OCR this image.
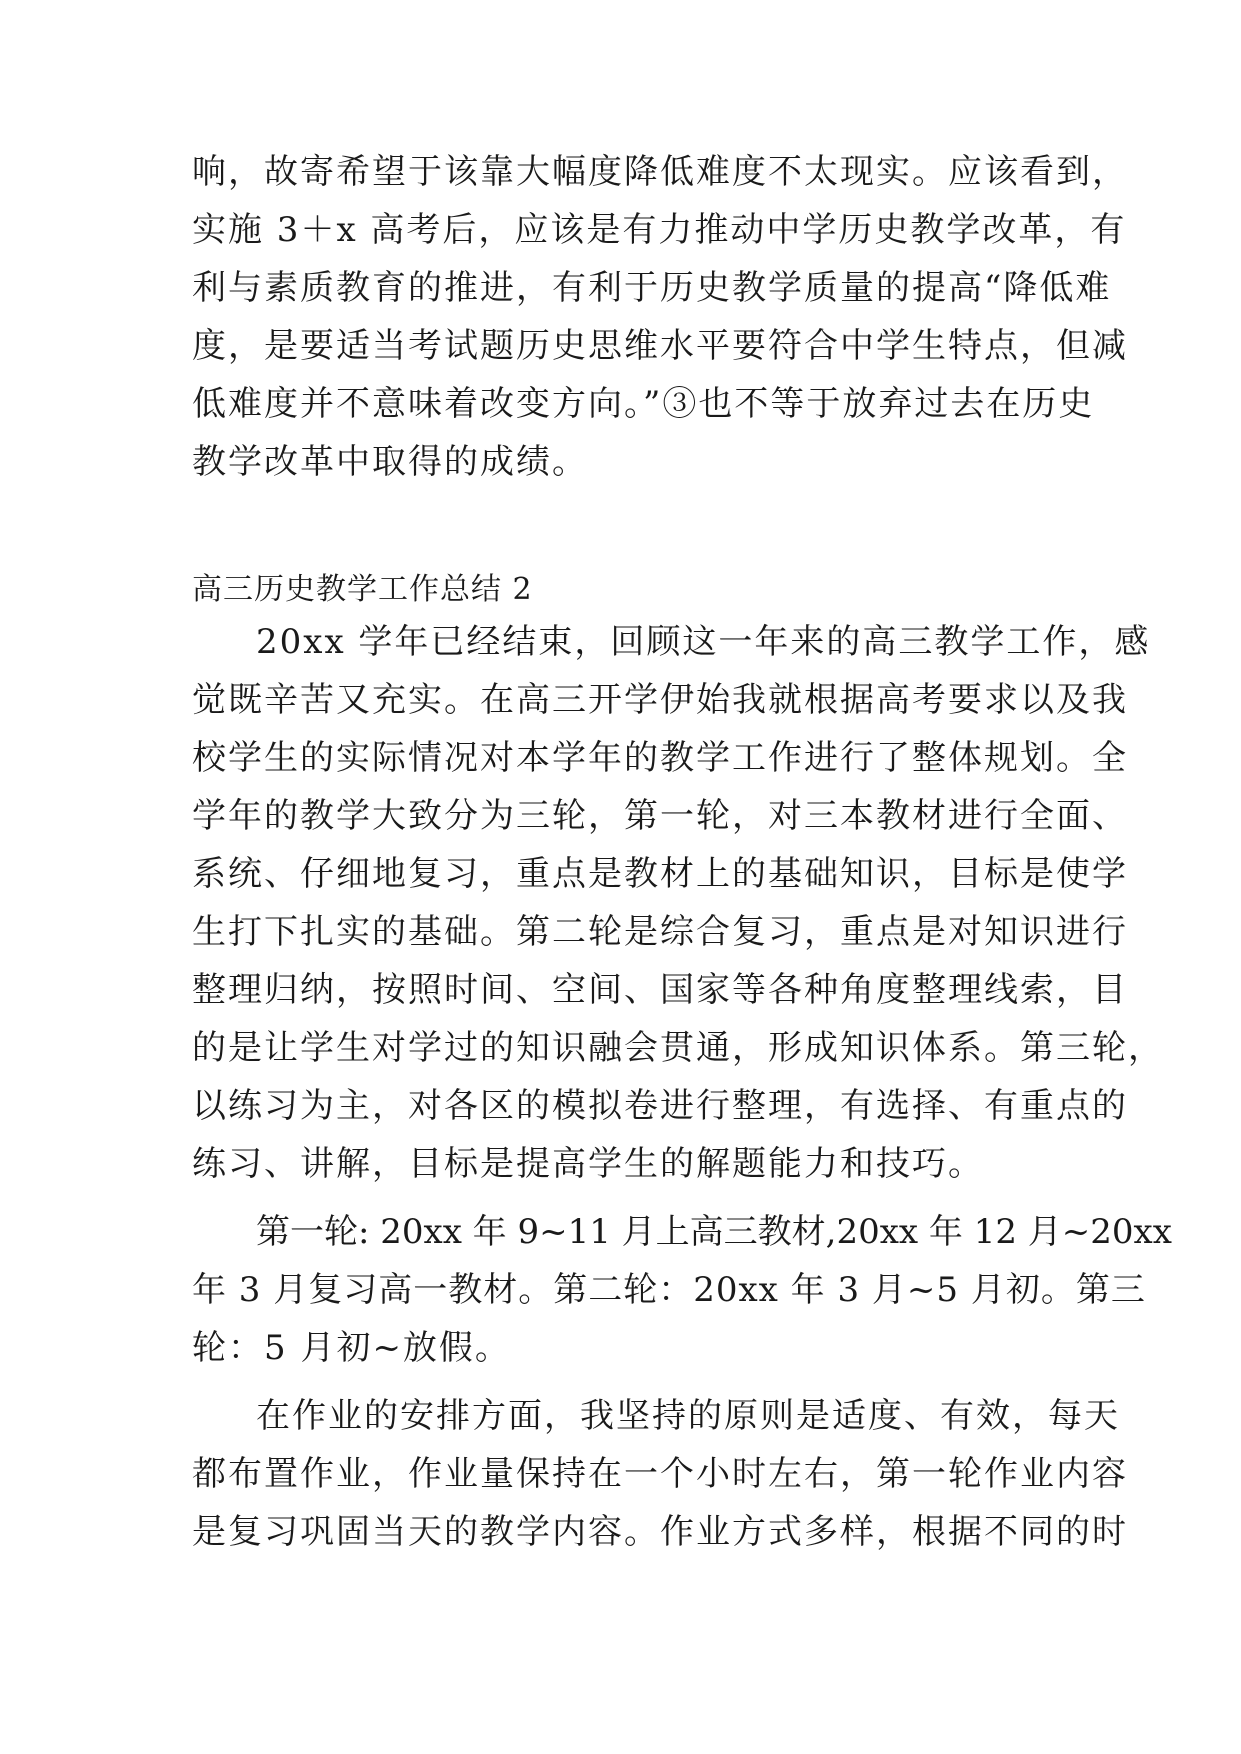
响，故寄希望于该靠大幅度降低难度不太现实。应该看到，
实施 3＋x 高考后，应该是有力推动中学历史教学改革，有
利与素质教育的推进，有利于历史教学质量的提高“降低难
度，是要适当考试题历史思维水平要符合中学生特点，但减
低难度并不意味着改变方向。”③也不等于放弃过去在历史
教学改革中取得的成绩。
高三历史教学工作总结 2
20xx 学年已经结束，回顾这一年来的高三教学工作，感
觉既辛苦又充实。在高三开学伊始我就根据高考要求以及我
校学生的实际情况对本学年的教学工作进行了整体规划。全
学年的教学大致分为三轮，第一轮，对三本教材进行全面、
系统、仔细地复习，重点是教材上的基础知识，目标是使学
生打下扎实的基础。第二轮是综合复习，重点是对知识进行
整理归纳，按照时间、空间、国家等各种角度整理线索，目
的是让学生对学过的知识融会贯通，形成知识体系。第三轮，
以练习为主，对各区的模拟卷进行整理，有选择、有重点的
练习、讲解，目标是提高学生的解题能力和技巧。
第一轮: 20xx 年 9~11 月上高三教材,20xx 年 12 月~20xx
年 3 月复习高一教材。第二轮：20xx 年 3 月~5 月初。第三
轮：5 月初~放假。
在作业的安排方面，我坚持的原则是适度、有效，每天
都布置作业，作业量保持在一个小时左右，第一轮作业内容
是复习巩固当天的教学内容。作业方式多样，根据不同的时
